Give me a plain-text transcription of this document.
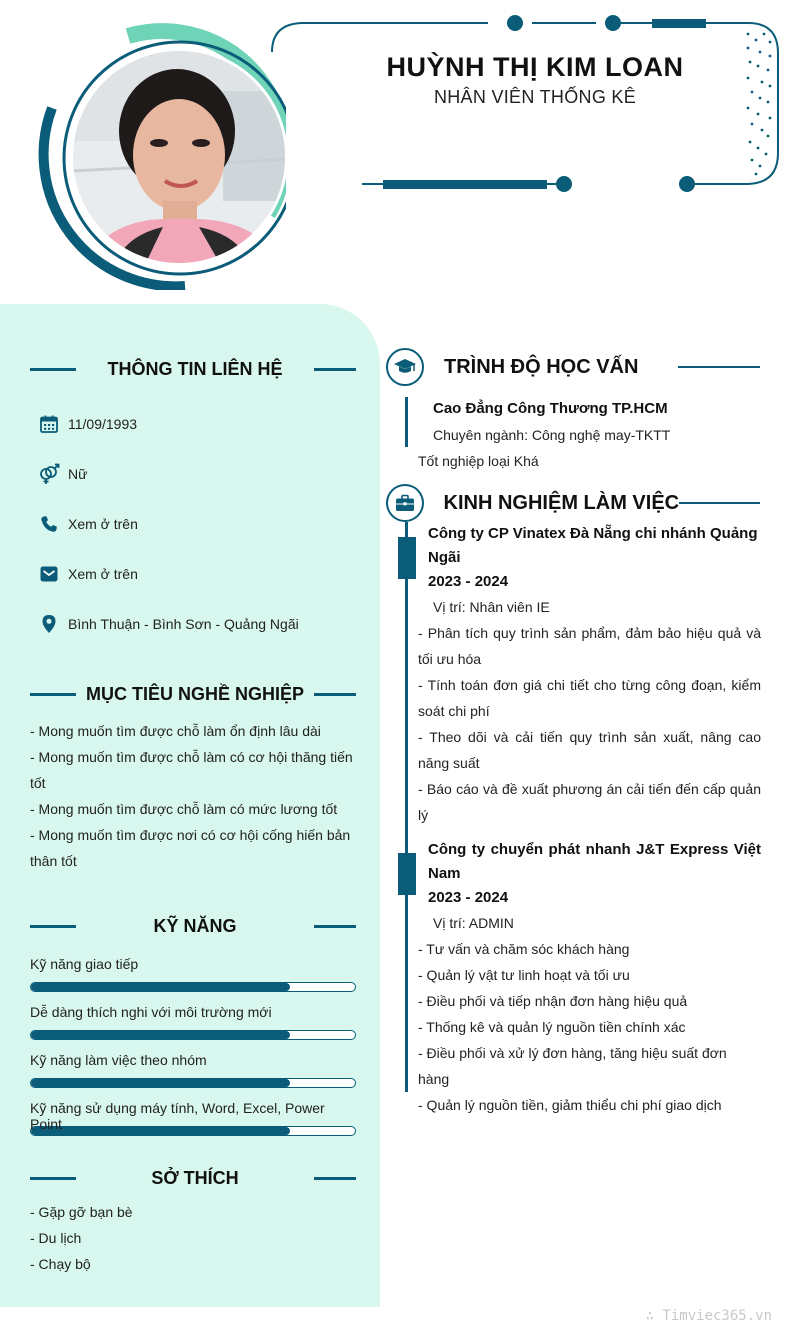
HUỲNH THỊ KIM LOAN
NHÂN VIÊN THỐNG KÊ
THÔNG TIN LIÊN HỆ
11/09/1993
Nữ
Xem ở trên
Xem ở trên
Bình Thuận - Bình Sơn - Quảng Ngãi
MỤC TIÊU NGHỀ NGHIỆP
- Mong muốn tìm được chỗ làm ổn định lâu dài
- Mong muốn tìm được chỗ làm có cơ hội thăng tiến tốt
- Mong muốn tìm được chỗ làm có mức lương tốt
- Mong muốn tìm được nơi có cơ hội cống hiến bản thân tốt
KỸ NĂNG
Kỹ năng giao tiếp
Dễ dàng thích nghi với môi trường mới
Kỹ năng làm việc theo nhóm
Kỹ năng sử dụng máy tính, Word, Excel, Power Point
SỞ THÍCH
- Gặp gỡ bạn bè
- Du lịch
- Chạy bộ
TRÌNH ĐỘ HỌC VẤN
Cao Đẳng Công Thương TP.HCM
Chuyên ngành: Công nghệ may-TKTT
Tốt nghiệp loại Khá
KINH NGHIỆM LÀM VIỆC
Công ty CP Vinatex Đà Nẵng chi nhánh Quảng Ngãi
2023 - 2024
Vị trí: Nhân viên IE
- Phân tích quy trình sản phẩm, đảm bảo hiệu quả và tối ưu hóa
- Tính toán đơn giá chi tiết cho từng công đoạn, kiểm soát chi phí
- Theo dõi và cải tiến quy trình sản xuất, nâng cao năng suất
- Báo cáo và đề xuất phương án cải tiến đến cấp quản lý
Công ty chuyển phát nhanh J&T Express Việt Nam
2023 - 2024
Vị trí: ADMIN
- Tư vấn và chăm sóc khách hàng
- Quản lý vật tư linh hoạt và tối ưu
- Điều phối và tiếp nhận đơn hàng hiệu quả
- Thống kê và quản lý nguồn tiền chính xác
- Điều phối và xử lý đơn hàng, tăng hiệu suất đơn hàng
- Quản lý nguồn tiền, giảm thiểu chi phí giao dịch
∴ Timviec365.vn
